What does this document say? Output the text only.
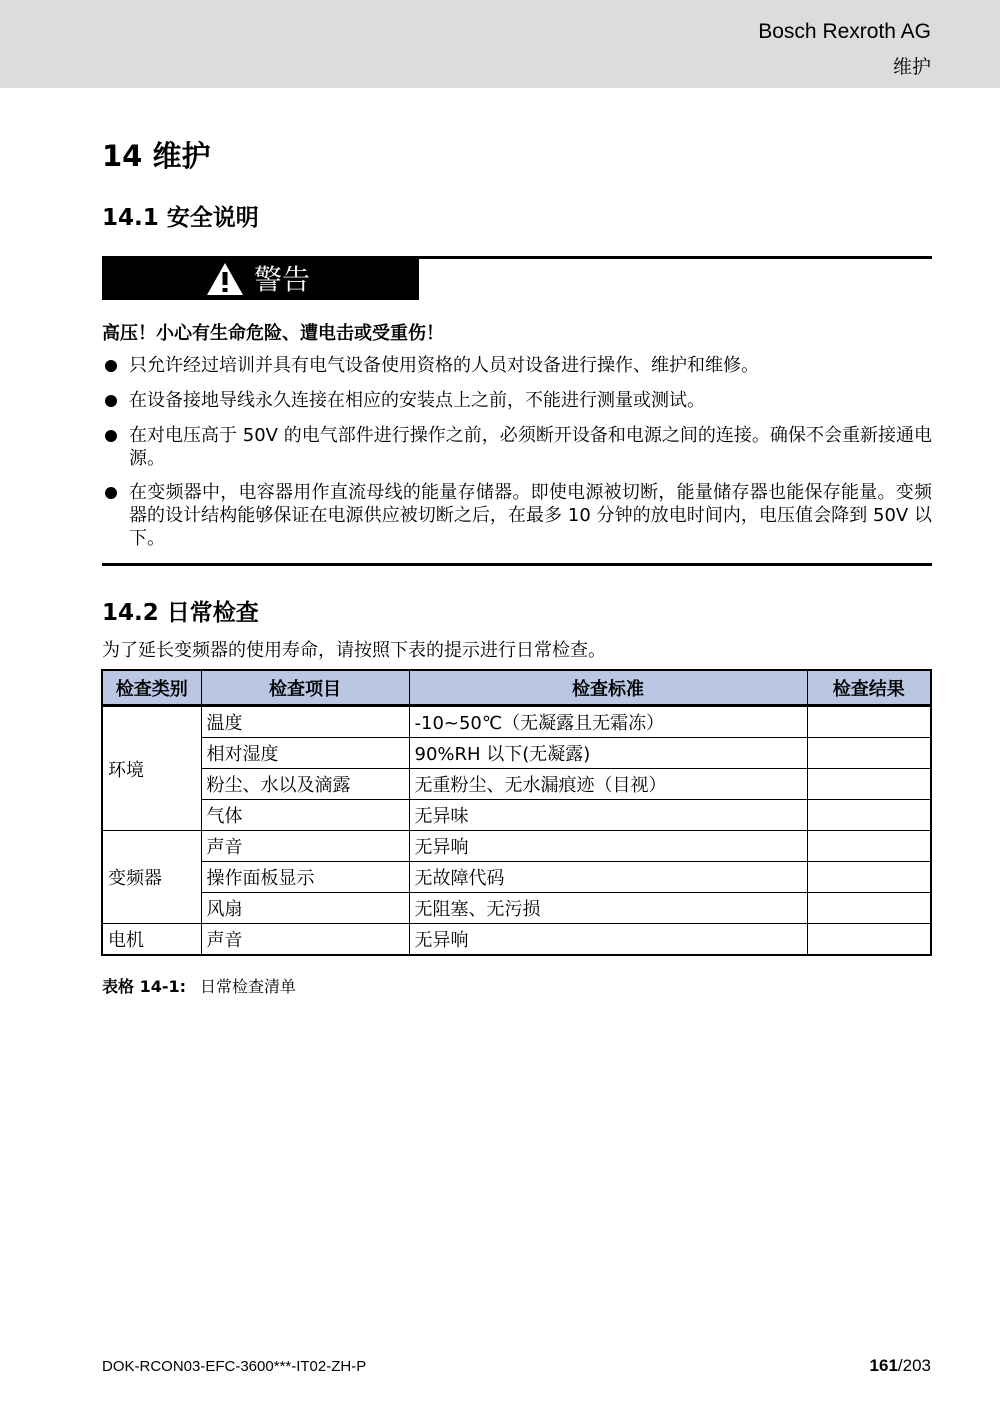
Bosch Rexroth AG
维护
14 维护
14.1 安全说明
警告
高压！小心有生命危险、遭电击或受重伤！
只允许经过培训并具有电气设备使用资格的人员对设备进行操作、维护和维修。
在设备接地导线永久连接在相应的安装点上之前，不能进行测量或测试。
在对电压高于 50V 的电气部件进行操作之前，必须断开设备和电源之间的连接。确保不会重新接通电源。
在变频器中，电容器用作直流母线的能量存储器。即使电源被切断，能量储存器也能保存能量。变频器的设计结构能够保证在电源供应被切断之后，在最多 10 分钟的放电时间内，电压值会降到 50V 以下。
14.2 日常检查
为了延长变频器的使用寿命，请按照下表的提示进行日常检查。
检查类别	检查项目	检查标准	检查结果
环境	温度	-10~50℃（无凝露且无霜冻）	
	相对湿度	90%RH 以下(无凝露)	
	粉尘、水以及滴露	无重粉尘、无水漏痕迹（目视）	
	气体	无异味	
变频器	声音	无异响	
	操作面板显示	无故障代码	
	风扇	无阻塞、无污损	
电机	声音	无异响	
表格 14-1: 日常检查清单
DOK-RCON03-EFC-3600***-IT02-ZH-P	161/203
